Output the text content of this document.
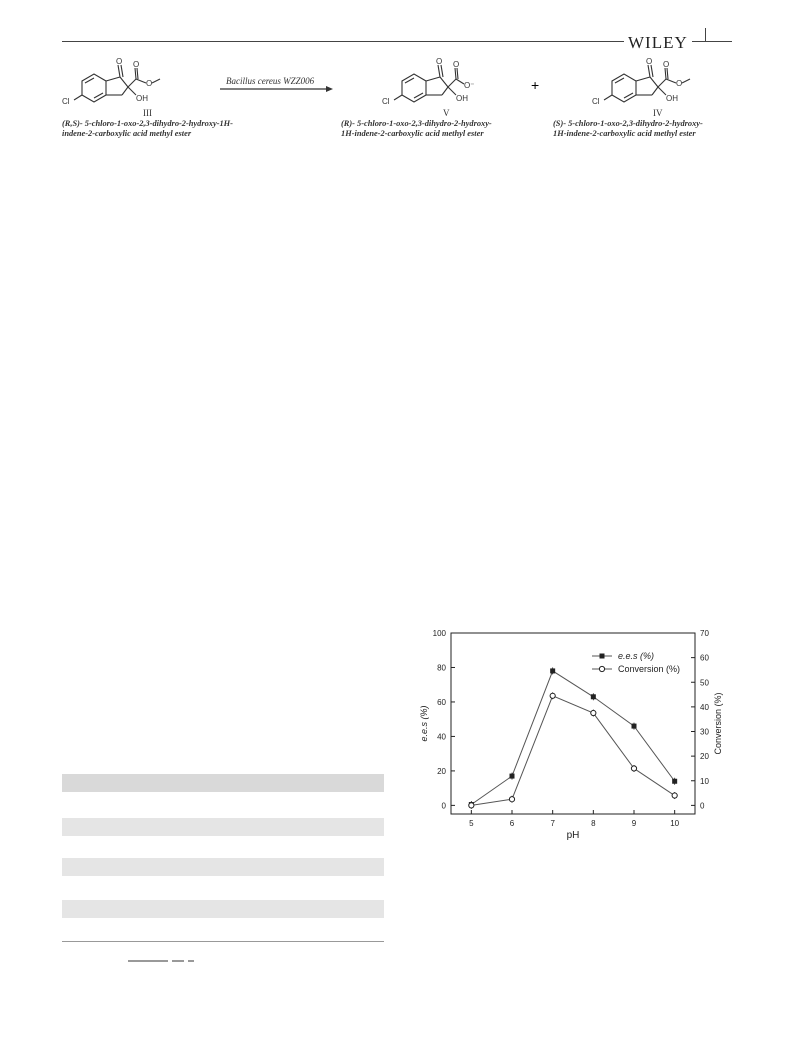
WILEY
O O
O
Cl	OH
Bacillus cereus WZZ006
O O
O⁻
Cl	OH
+
O O
O
Cl	OH
III	V	IV
(R,S)- 5-chloro-1-oxo-2,3-dihydro-2-hydroxy-1H-
indene-2-carboxylic acid methyl ester
(R)- 5-chloro-1-oxo-2,3-dihydro-2-hydroxy-
1H-indene-2-carboxylic acid methyl ester
(S)- 5-chloro-1-oxo-2,3-dihydro-2-hydroxy-
1H-indene-2-carboxylic acid methyl ester
0
20
40
60
80
100
0
10
20
30
40
50
60
70
5	6	7	8	9	10
e.e.s (%)
Conversion (%)
pH
e.e.s (%)	Conversion (%)
